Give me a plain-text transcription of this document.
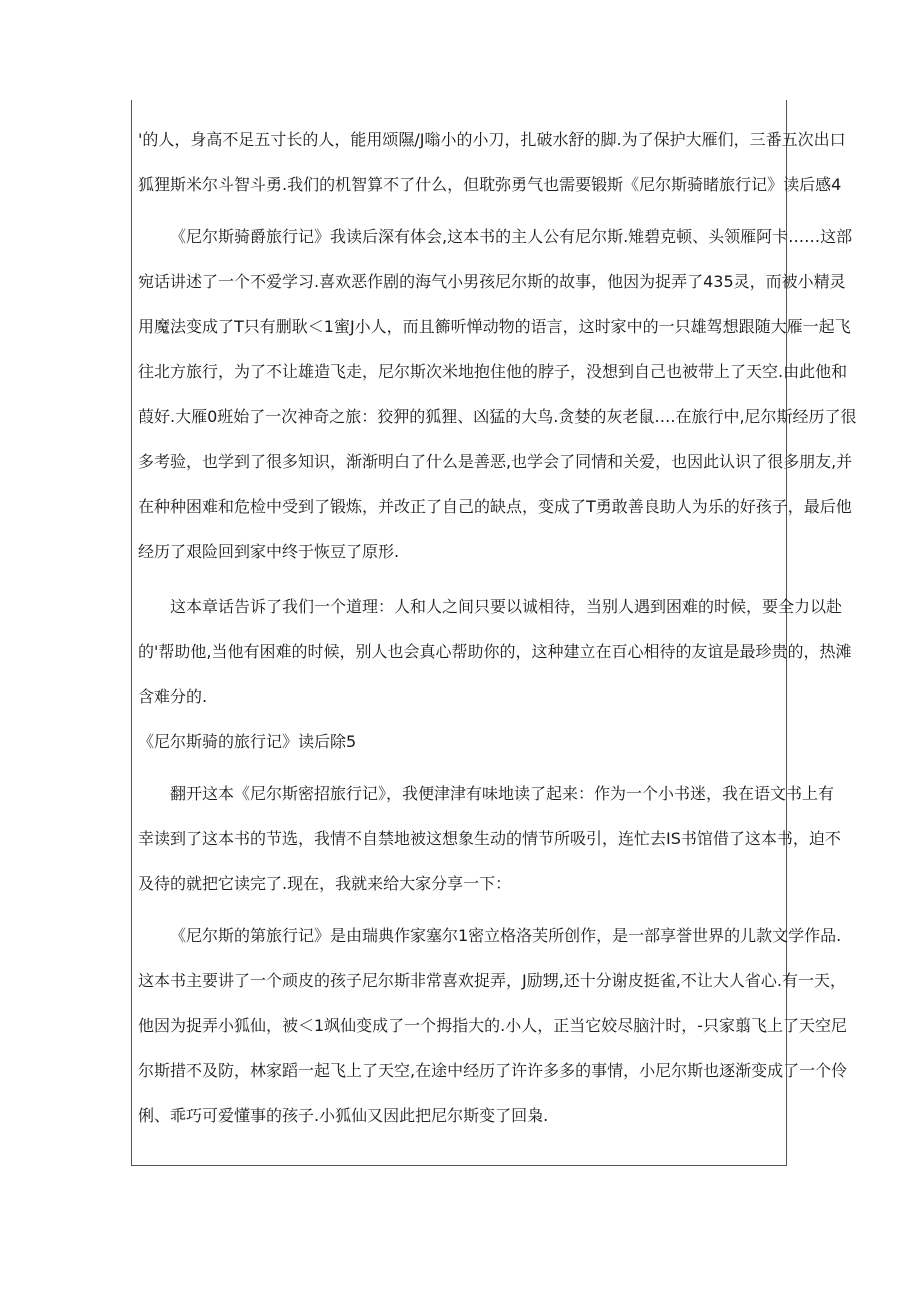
'的人，身高不足五寸长的人，能用颂隰/J嗡小的小刀，扎破水舒的脚.为了保护大雁们，三番五次出口
狐狸斯米尔斗智斗勇.我们的机智算不了什么，但耽弥勇气也需要锻斯《尼尔斯骑睹旅行记》读后感4
《尼尔斯骑爵旅行记》我读后深有体会,这本书的主人公有尼尔斯.雉碧克顿、头领雁阿卡……这部
宛话讲述了一个不爱学习.喜欢恶作剧的海气小男孩尼尔斯的故事，他因为捉弄了435灵，而被小精灵
用魔法变成了T只有删耿＜1蜜J小人，而且籂听惮动物的语言，这时家中的一只雄驾想跟随大雁一起飞
往北方旅行，为了不让雄造飞走，尼尔斯次米地抱住他的脖子，没想到自己也被带上了天空.由此他和
葭好.大雁0班始了一次神奇之旅：狡狎的狐狸、凶猛的大鸟.贪婪的灰老鼠….在旅行中,尼尔斯经历了很
多考验，也学到了很多知识，渐渐明白了什么是善恶,也学会了同情和关爱，也因此认识了很多朋友,并
在种种困难和危检中受到了锻炼，并改正了自己的缺点，变成了T勇敢善良助人为乐的好孩子，最后他
经历了艰险回到家中终于恢豆了原形.
这本章话告诉了我们一个道理：人和人之间只要以诚相待，当别人遇到困难的时候，要全力以赴
的'帮助他,当他有困难的时候，别人也会真心帮助你的，这种建立在百心相待的友谊是最珍贵的，热滩
含难分的.
《尼尔斯骑的旅行记》读后除5
翻开这本《尼尔斯密招旅行记》，我便津津有味地读了起来：作为一个小书迷，我在语文书上有
幸读到了这本书的节选，我情不自禁地被这想象生动的情节所吸引，连忙去IS书馆借了这本书，迫不
及待的就把它读完了.现在，我就来给大家分享一下：
《尼尔斯的第旅行记》是由瑞典作家塞尔1密立格洛芙所创作，是一部享誉世界的儿款文学作品.
这本书主要讲了一个顽皮的孩子尼尔斯非常喜欢捉弄，J励甥,还十分谢皮挺雀,不让大人省心.有一天，
他因为捉弄小狐仙，被＜1飒仙变成了一个拇指大的.小人，正当它姣尽脑汁时，-只家翦飞上了天空尼
尔斯措不及防，林家蹈一起飞上了天空,在途中经历了许许多多的事情，小尼尔斯也逐渐变成了一个伶
俐、乖巧可爱懂事的孩子.小狐仙又因此把尼尔斯变了回枭.
